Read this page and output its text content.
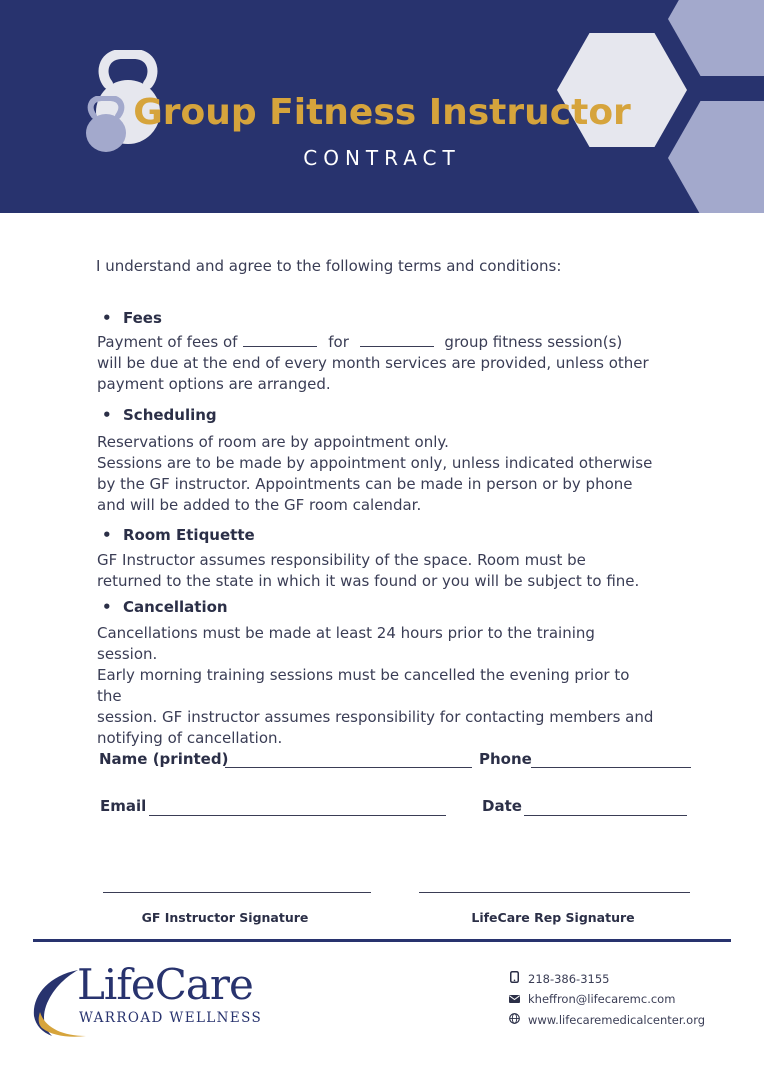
Group Fitness Instructor
CONTRACT
I understand and agree to the following terms and conditions:
• Fees
Payment of fees of	for	group fitness session(s)
will be due at the end of every month services are provided, unless other
payment options are arranged.
• Scheduling
Reservations of room are by appointment only.
Sessions are to be made by appointment only, unless indicated otherwise
by the GF instructor. Appointments can be made in person or by phone
and will be added to the GF room calendar.
• Room Etiquette
GF Instructor assumes responsibility of the space. Room must be
returned to the state in which it was found or you will be subject to fine.
• Cancellation
Cancellations must be made at least 24 hours prior to the training session.
Early morning training sessions must be cancelled the evening prior to the
session. GF instructor assumes responsibility for contacting members and
notifying of cancellation.
Name (printed)	Phone
Email	Date
GF Instructor Signature	LifeCare Rep Signature
LifeCare
WARROAD WELLNESS
218-386-3155
kheffron@lifecaremc.com
www.lifecaremedicalcenter.org
